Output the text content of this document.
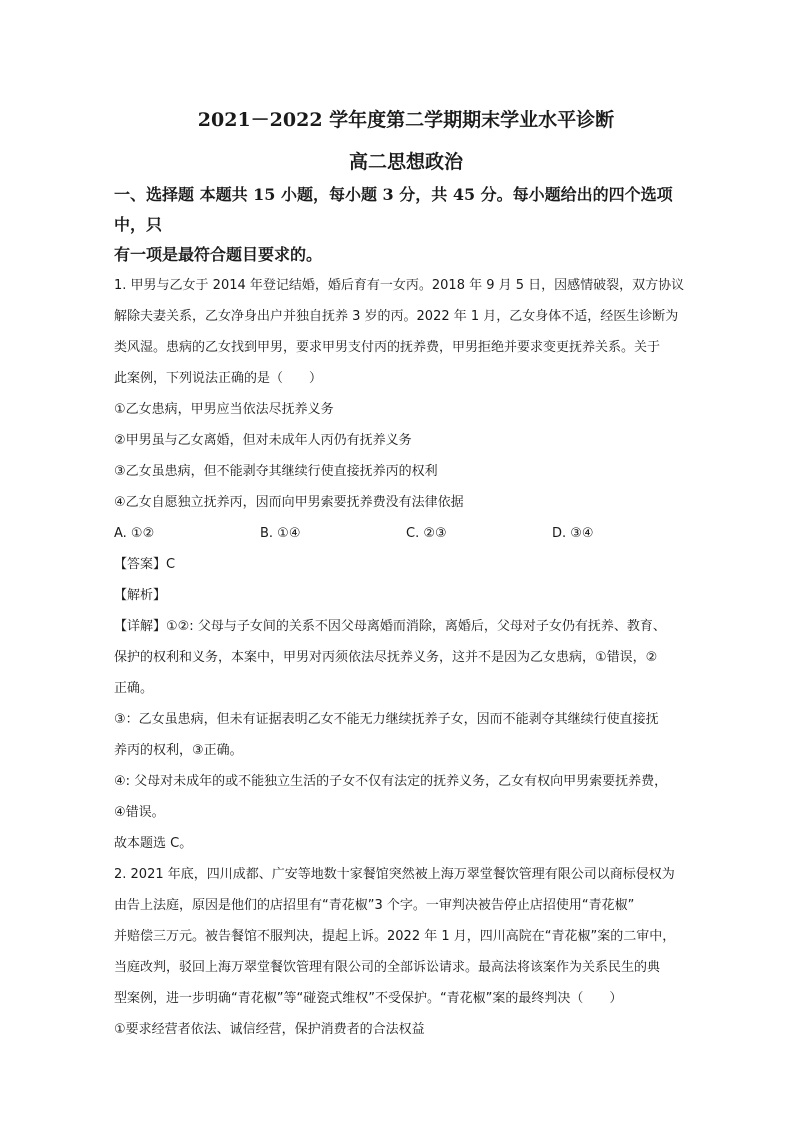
2021－2022 学年度第二学期期末学业水平诊断
高二思想政治
一、选择题 本题共 15 小题，每小题 3 分，共 45 分。每小题给出的四个选项中，只
有一项是最符合题目要求的。
1. 甲男与乙女于 2014 年登记结婚，婚后育有一女丙。2018 年 9 月 5 日，因感情破裂，双方协议
解除夫妻关系，乙女净身出户并独自抚养 3 岁的丙。2022 年 1 月，乙女身体不适，经医生诊断为
类风湿。患病的乙女找到甲男，要求甲男支付丙的抚养费，甲男拒绝并要求变更抚养关系。关于
此案例，下列说法正确的是（　　）
①乙女患病，甲男应当依法尽抚养义务
②甲男虽与乙女离婚，但对未成年人丙仍有抚养义务
③乙女虽患病，但不能剥夺其继续行使直接抚养丙的权利
④乙女自愿独立抚养丙，因而向甲男索要抚养费没有法律依据
A. ①②	B. ①④	C. ②③	D. ③④
【答案】C
【解析】
【详解】①②: 父母与子女间的关系不因父母离婚而消除，离婚后，父母对子女仍有抚养、教育、
保护的权利和义务，本案中，甲男对丙须依法尽抚养义务，这并不是因为乙女患病，①错误，②
正确。
③：乙女虽患病，但未有证据表明乙女不能无力继续抚养子女，因而不能剥夺其继续行使直接抚
养丙的权利，③正确。
④: 父母对未成年的或不能独立生活的子女不仅有法定的抚养义务，乙女有权向甲男索要抚养费，
④错误。
故本题选 C。
2. 2021 年底，四川成都、广安等地数十家餐馆突然被上海万翠堂餐饮管理有限公司以商标侵权为
由告上法庭，原因是他们的店招里有“青花椒”3 个字。一审判决被告停止店招使用“青花椒”
并赔偿三万元。被告餐馆不服判决，提起上诉。2022 年 1 月，四川高院在“青花椒”案的二审中，
当庭改判，驳回上海万翠堂餐饮管理有限公司的全部诉讼请求。最高法将该案作为关系民生的典
型案例，进一步明确“青花椒”等“碰瓷式维权”不受保护。“青花椒”案的最终判决（　　）
①要求经营者依法、诚信经营，保护消费者的合法权益
